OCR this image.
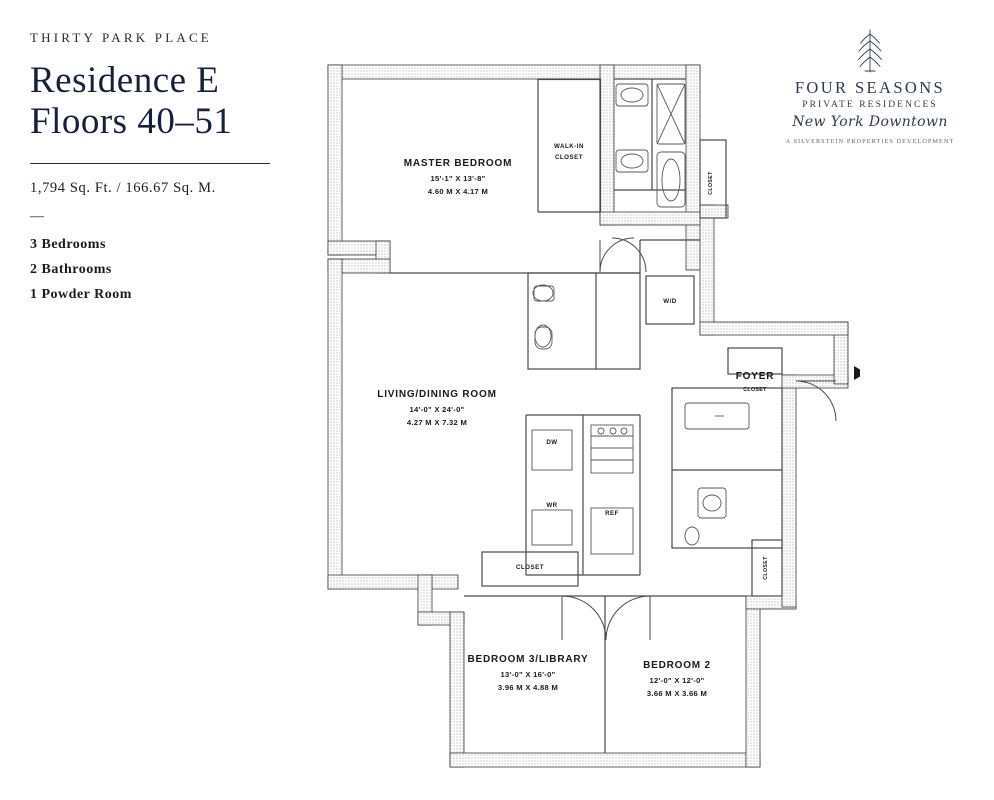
THIRTY PARK PLACE
Residence E
Floors 40–51
1,794 Sq. Ft. / 166.67 Sq. M.
—
3 Bedrooms
2 Bathrooms
1 Powder Room
FOUR SEASONS
PRIVATE RESIDENCES
New York Downtown
A SILVERSTEIN PROPERTIES DEVELOPMENT
MASTER BEDROOM
15'-1" X 13'-8"
4.60 M X 4.17 M
LIVING/DINING ROOM
14'-0" X 24'-0"
4.27 M X 7.32 M
BEDROOM 3/LIBRARY
13'-0" X 16'-0"
3.96 M X 4.88 M
BEDROOM 2
12'-0" X 12'-0"
3.66 M X 3.66 M
WALK-IN
CLOSET
CLOSET
W/D
FOYER
CLOSET
CLOSET	CLOSET
DW
WR
REF
